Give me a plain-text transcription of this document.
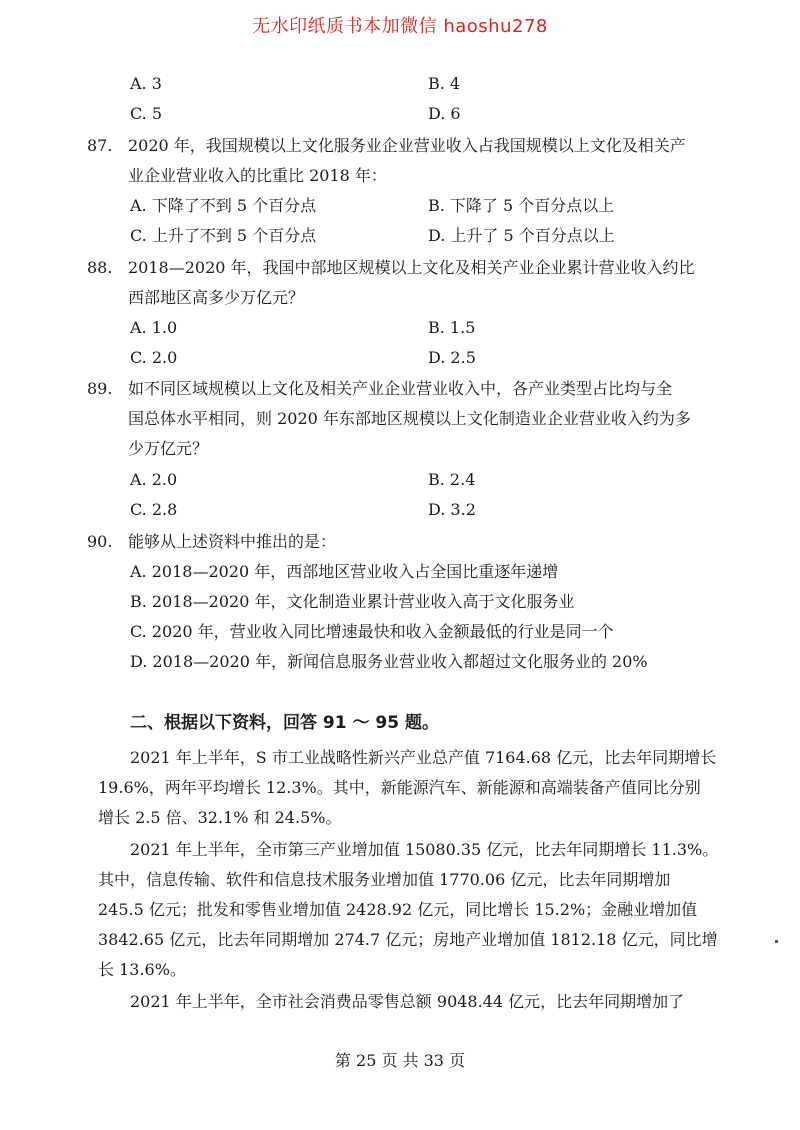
无水印纸质书本加微信 haoshu278
A. 3	B. 4
C. 5	D. 6
87. 2020 年，我国规模以上文化服务业企业营业收入占我国规模以上文化及相关产
业企业营业收入的比重比 2018 年：
A. 下降了不到 5 个百分点	B. 下降了 5 个百分点以上
C. 上升了不到 5 个百分点	D. 上升了 5 个百分点以上
88. 2018—2020 年，我国中部地区规模以上文化及相关产业企业累计营业收入约比
西部地区高多少万亿元？
A. 1.0	B. 1.5
C. 2.0	D. 2.5
89. 如不同区域规模以上文化及相关产业企业营业收入中，各产业类型占比均与全
国总体水平相同，则 2020 年东部地区规模以上文化制造业企业营业收入约为多
少万亿元？
A. 2.0	B. 2.4
C. 2.8	D. 3.2
90. 能够从上述资料中推出的是：
A. 2018—2020 年，西部地区营业收入占全国比重逐年递增
B. 2018—2020 年，文化制造业累计营业收入高于文化服务业
C. 2020 年，营业收入同比增速最快和收入金额最低的行业是同一个
D. 2018—2020 年，新闻信息服务业营业收入都超过文化服务业的 20%
二、根据以下资料，回答 91 ～ 95 题。
2021 年上半年，S 市工业战略性新兴产业总产值 7164.68 亿元，比去年同期增长
19.6%，两年平均增长 12.3%。其中，新能源汽车、新能源和高端装备产值同比分别
增长 2.5 倍、32.1% 和 24.5%。
2021 年上半年，全市第三产业增加值 15080.35 亿元，比去年同期增长 11.3%。
其中，信息传输、软件和信息技术服务业增加值 1770.06 亿元，比去年同期增加
245.5 亿元；批发和零售业增加值 2428.92 亿元，同比增长 15.2%；金融业增加值
3842.65 亿元，比去年同期增加 274.7 亿元；房地产业增加值 1812.18 亿元，同比增
长 13.6%。
2021 年上半年，全市社会消费品零售总额 9048.44 亿元，比去年同期增加了
第 25 页 共 33 页
